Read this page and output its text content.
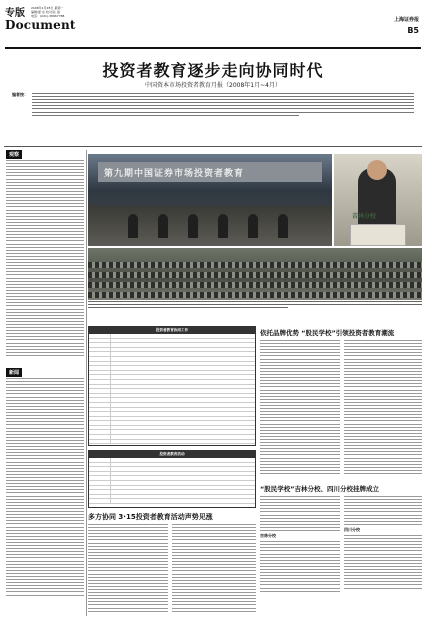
专版 2008年1月28日 星期一
编辑/夏 东 校对/张 丽
电话：(021)-38967788
上海证券报
Document	B5
投资者教育逐步走向协同时代
中国资本市场投资者教育月报（2008年1月~4月）
编者按：
观察
新闻
第九期中国证券市场投资者教育
吉林分校
投资者教育协同工作
投资者教育活动
多方协同 3·15投资者教育活动声势见涨
依托品牌优势 “股民学校”引领投资者教育潮流
“股民学校”吉林分校、四川分校挂牌成立
吉林分校
四川分校
